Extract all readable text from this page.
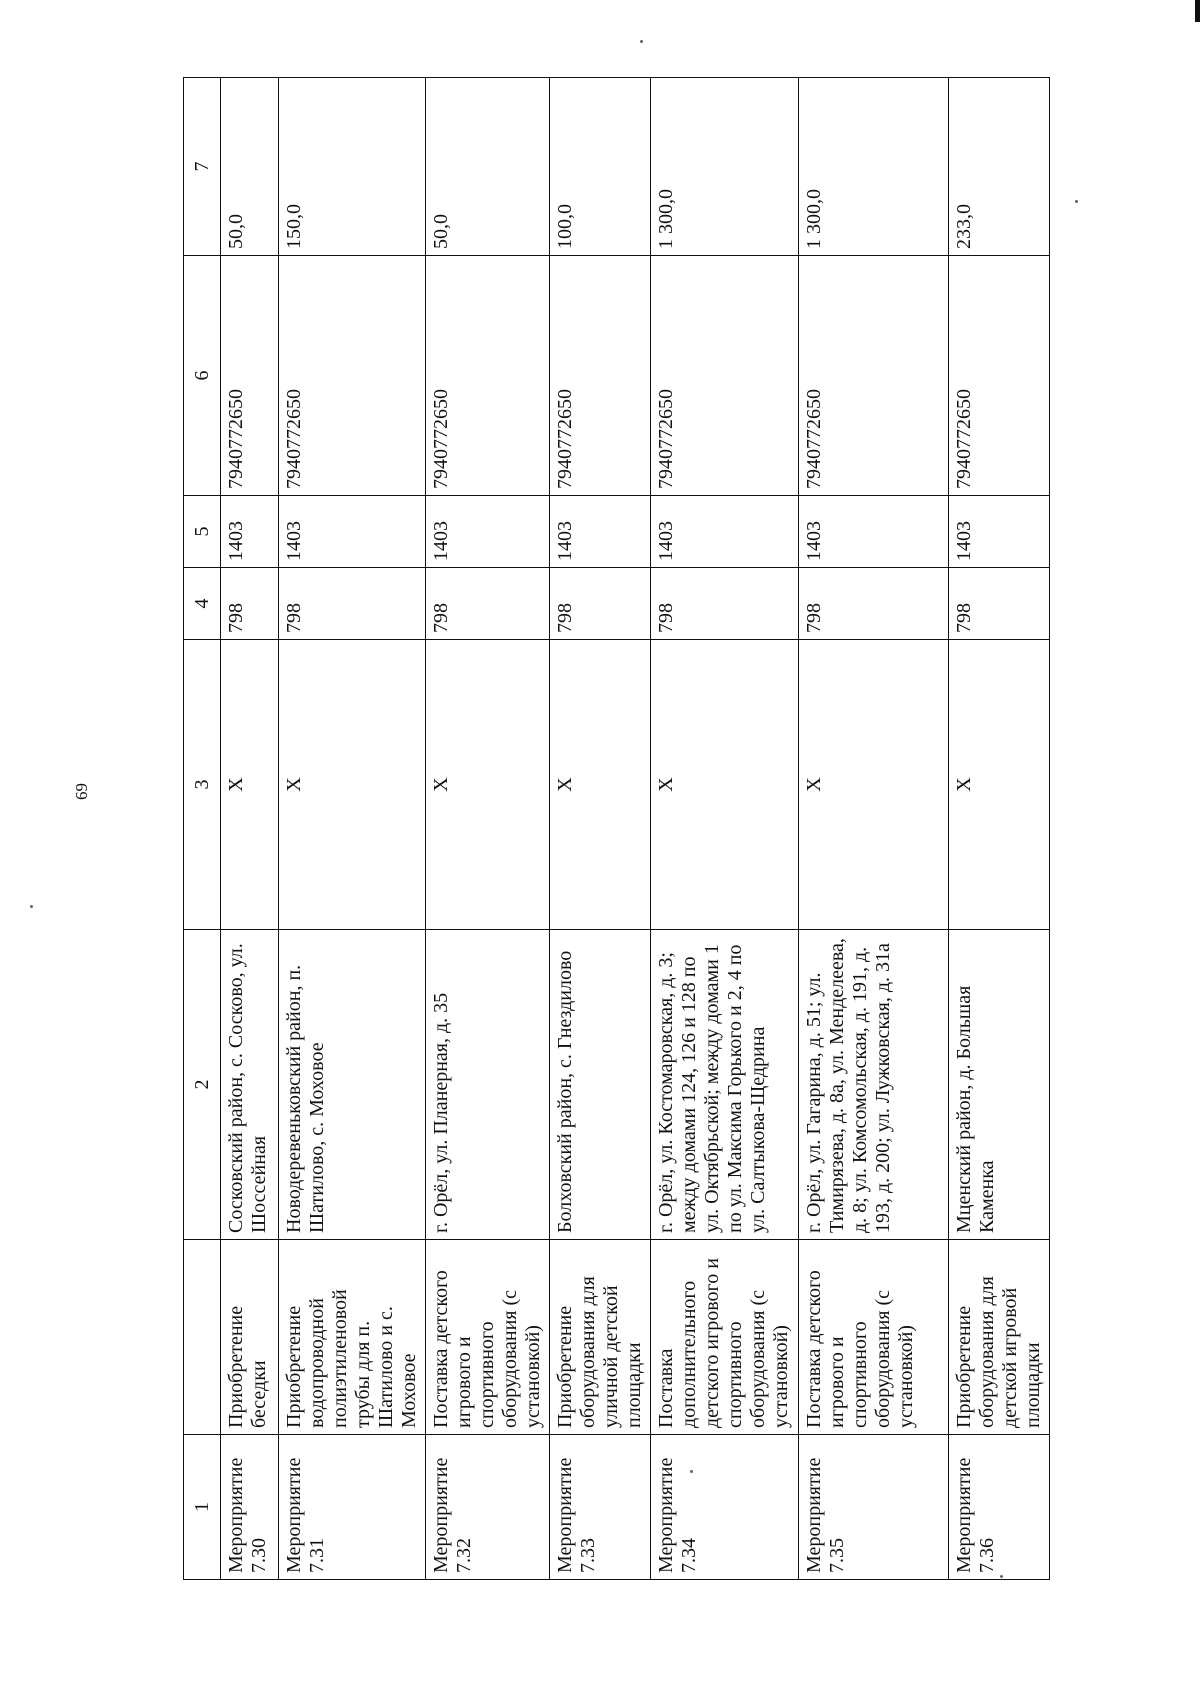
69
1		2	3	4	5	6	7
Мероприятие 7.30	Приобретение беседки	Сосковский район, с. Сосково, ул. Шоссейная	X	798	1403	7940772650	50,0
Мероприятие 7.31	Приобретение водопроводной полиэтиленовой трубы для п. Шатилово и с. Моховое	Новодеревеньковский район, п. Шатилово, с. Моховое	X	798	1403	7940772650	150,0
Мероприятие 7.32	Поставка детского игрового и спортивного оборудования (с установкой)	г. Орёл, ул. Планерная, д. 35	X	798	1403	7940772650	50,0
Мероприятие 7.33	Приобретение оборудования для уличной детской площадки	Болховский район, с. Гнездилово	X	798	1403	7940772650	100,0
Мероприятие 7.34	Поставка дополнительного детского игрового и спортивного оборудования (с установкой)	г. Орёл, ул. Костомаровская, д. 3; между домами 124, 126 и 128 по ул. Октябрьской; между домами 1 по ул. Максима Горького и 2, 4 по ул. Салтыкова-Щедрина	X	798	1403	7940772650	1 300,0
Мероприятие 7.35	Поставка детского игрового и спортивного оборудования (с установкой)	г. Орёл, ул. Гагарина, д. 51; ул. Тимирязева, д. 8а, ул. Менделеева, д. 8; ул. Комсомольская, д. 191, д. 193, д. 200; ул. Лужковская, д. 31а	X	798	1403	7940772650	1 300,0
Мероприятие 7.36	Приобретение оборудования для детской игровой площадки	Мценский район, д. Большая Каменка	X	798	1403	7940772650	233,0
